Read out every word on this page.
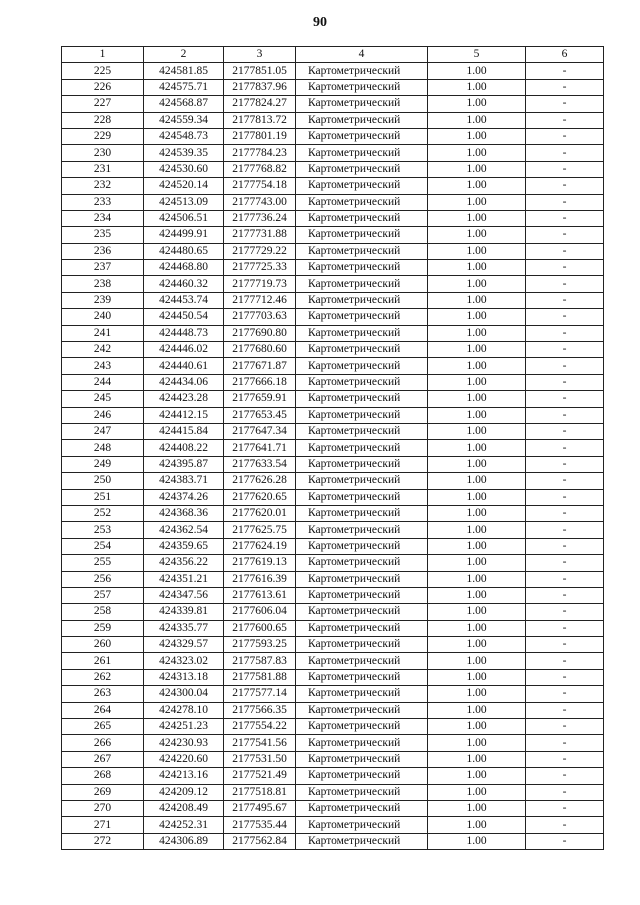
90
1	2	3	4	5	6
225	424581.85	2177851.05	Картометрический	1.00	-
226	424575.71	2177837.96	Картометрический	1.00	-
227	424568.87	2177824.27	Картометрический	1.00	-
228	424559.34	2177813.72	Картометрический	1.00	-
229	424548.73	2177801.19	Картометрический	1.00	-
230	424539.35	2177784.23	Картометрический	1.00	-
231	424530.60	2177768.82	Картометрический	1.00	-
232	424520.14	2177754.18	Картометрический	1.00	-
233	424513.09	2177743.00	Картометрический	1.00	-
234	424506.51	2177736.24	Картометрический	1.00	-
235	424499.91	2177731.88	Картометрический	1.00	-
236	424480.65	2177729.22	Картометрический	1.00	-
237	424468.80	2177725.33	Картометрический	1.00	-
238	424460.32	2177719.73	Картометрический	1.00	-
239	424453.74	2177712.46	Картометрический	1.00	-
240	424450.54	2177703.63	Картометрический	1.00	-
241	424448.73	2177690.80	Картометрический	1.00	-
242	424446.02	2177680.60	Картометрический	1.00	-
243	424440.61	2177671.87	Картометрический	1.00	-
244	424434.06	2177666.18	Картометрический	1.00	-
245	424423.28	2177659.91	Картометрический	1.00	-
246	424412.15	2177653.45	Картометрический	1.00	-
247	424415.84	2177647.34	Картометрический	1.00	-
248	424408.22	2177641.71	Картометрический	1.00	-
249	424395.87	2177633.54	Картометрический	1.00	-
250	424383.71	2177626.28	Картометрический	1.00	-
251	424374.26	2177620.65	Картометрический	1.00	-
252	424368.36	2177620.01	Картометрический	1.00	-
253	424362.54	2177625.75	Картометрический	1.00	-
254	424359.65	2177624.19	Картометрический	1.00	-
255	424356.22	2177619.13	Картометрический	1.00	-
256	424351.21	2177616.39	Картометрический	1.00	-
257	424347.56	2177613.61	Картометрический	1.00	-
258	424339.81	2177606.04	Картометрический	1.00	-
259	424335.77	2177600.65	Картометрический	1.00	-
260	424329.57	2177593.25	Картометрический	1.00	-
261	424323.02	2177587.83	Картометрический	1.00	-
262	424313.18	2177581.88	Картометрический	1.00	-
263	424300.04	2177577.14	Картометрический	1.00	-
264	424278.10	2177566.35	Картометрический	1.00	-
265	424251.23	2177554.22	Картометрический	1.00	-
266	424230.93	2177541.56	Картометрический	1.00	-
267	424220.60	2177531.50	Картометрический	1.00	-
268	424213.16	2177521.49	Картометрический	1.00	-
269	424209.12	2177518.81	Картометрический	1.00	-
270	424208.49	2177495.67	Картометрический	1.00	-
271	424252.31	2177535.44	Картометрический	1.00	-
272	424306.89	2177562.84	Картометрический	1.00	-
